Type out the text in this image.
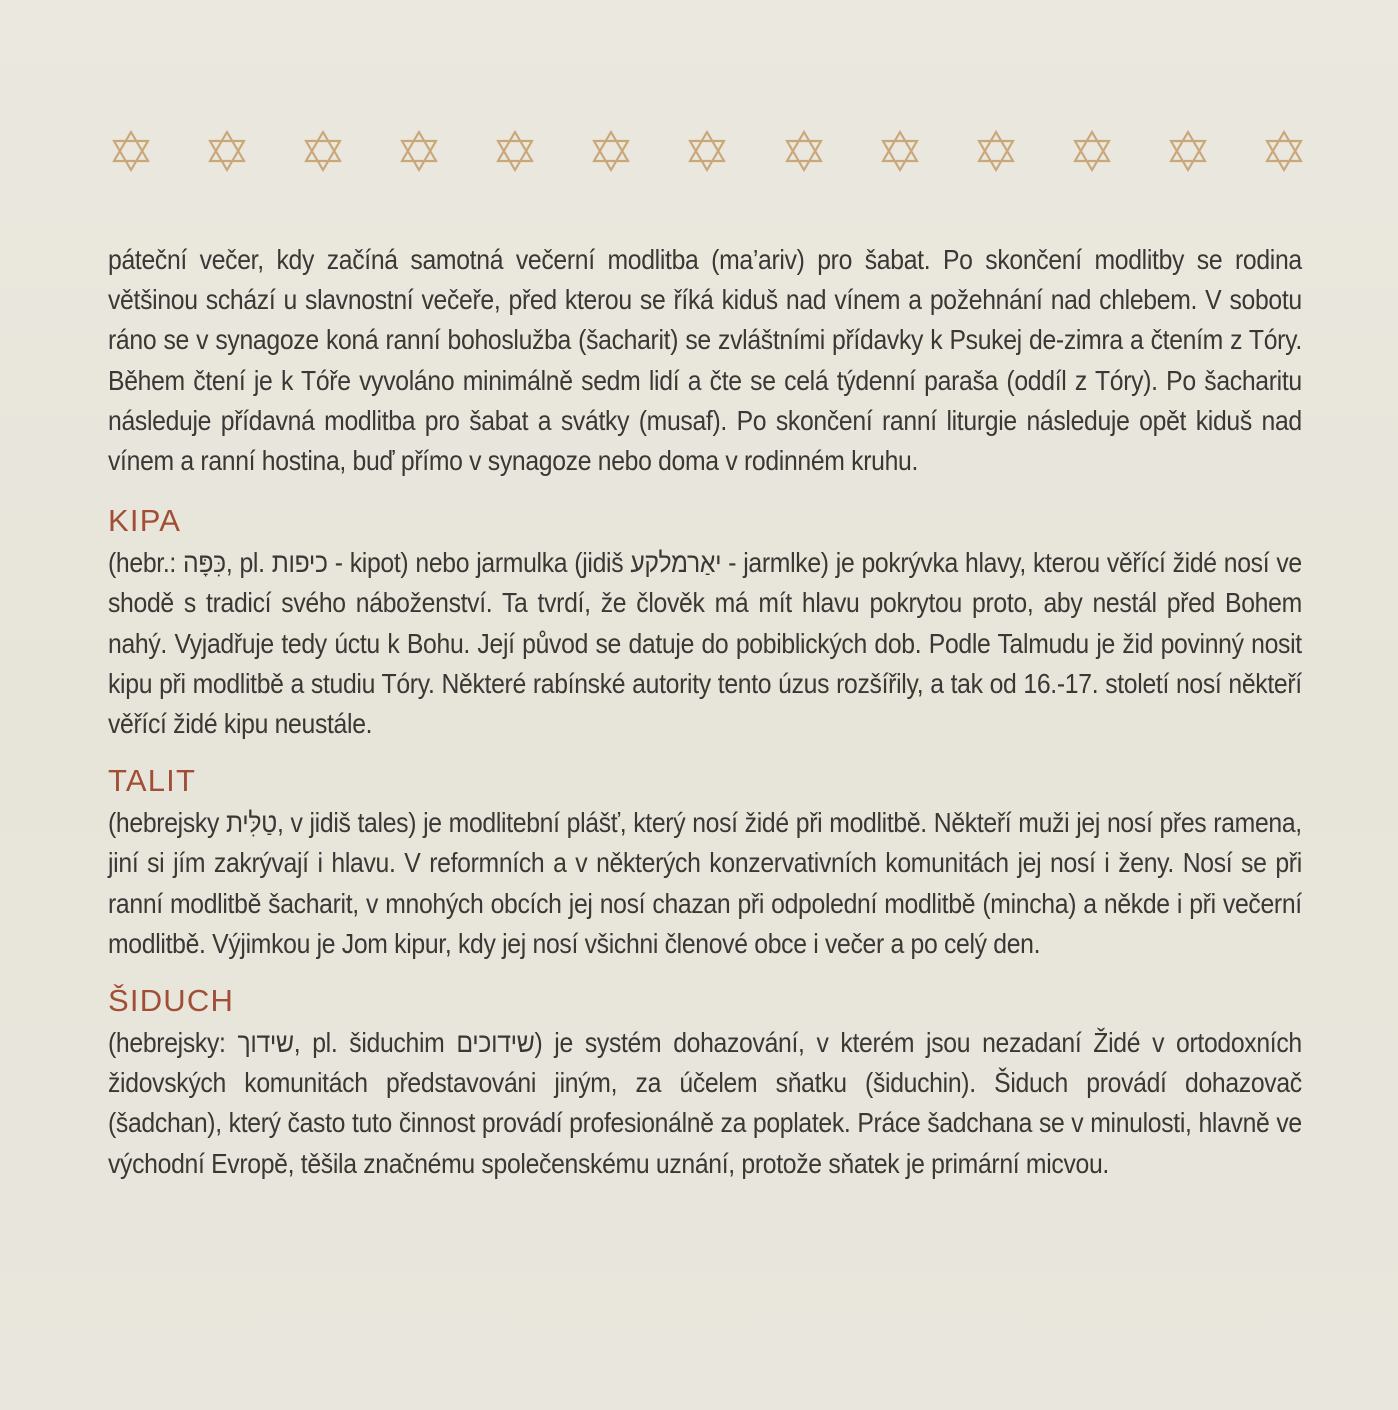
páteční večer, kdy začíná samotná večerní modlitba (ma’ariv) pro šabat. Po skončení modlitby se rodina většinou schází u slavnostní večeře, před kterou se říká kiduš nad vínem a požehnání nad chlebem. V sobotu ráno se v synagoze koná ranní bohoslužba (šacharit) se zvláštními přídavky k Psukej de-zimra a čtením z Tóry. Během čtení je k Tóře vyvoláno minimálně sedm lidí a čte se celá týdenní paraša (oddíl z Tóry). Po šacharitu následuje přídavná modlitba pro šabat a svátky (musaf). Po skončení ranní liturgie následuje opět kiduš nad vínem a ranní hostina, buď přímo v synagoze nebo doma v rodinném kruhu.

KIPA

(hebr.: כִּפָּה, pl. כיפות - kipot) nebo jarmulka (jidiš יאַרמלקע - jarmlke) je pokrývka hlavy, kterou věřící židé nosí ve shodě s tradicí svého náboženství. Ta tvrdí, že člověk má mít hlavu pokrytou proto, aby nestál před Bohem nahý. Vyjadřuje tedy úctu k Bohu. Její původ se datuje do pobiblických dob. Podle Talmudu je žid povinný nosit kipu při modlitbě a studiu Tóry. Některé rabínské autority tento úzus rozšířily, a tak od 16.-17. století nosí někteří věřící židé kipu neustále.

TALIT

(hebrejsky טַלִּית, v jidiš tales) je modlitební plášť, který nosí židé při modlitbě. Někteří muži jej nosí přes ramena, jiní si jím zakrývají i hlavu. V reformních a v některých konzervativních komunitách jej nosí i ženy. Nosí se při ranní modlitbě šacharit, v mnohých obcích jej nosí chazan při odpolední modlitbě (mincha) a někde i při večerní modlitbě. Výjimkou je Jom kipur, kdy jej nosí všichni členové obce i večer a po celý den.

ŠIDUCH

(hebrejsky: שידוך, pl. šiduchim שידוכים) je systém dohazování, v kterém jsou nezadaní Židé v ortodoxních židovských komunitách představováni jiným, za účelem sňatku (šiduchin). Šiduch provádí dohazovač (šadchan), který často tuto činnost provádí profesionálně za poplatek. Práce šadchana se v minulosti, hlavně ve východní Evropě, těšila značnému společenskému uznání, protože sňatek je primární micvou.
